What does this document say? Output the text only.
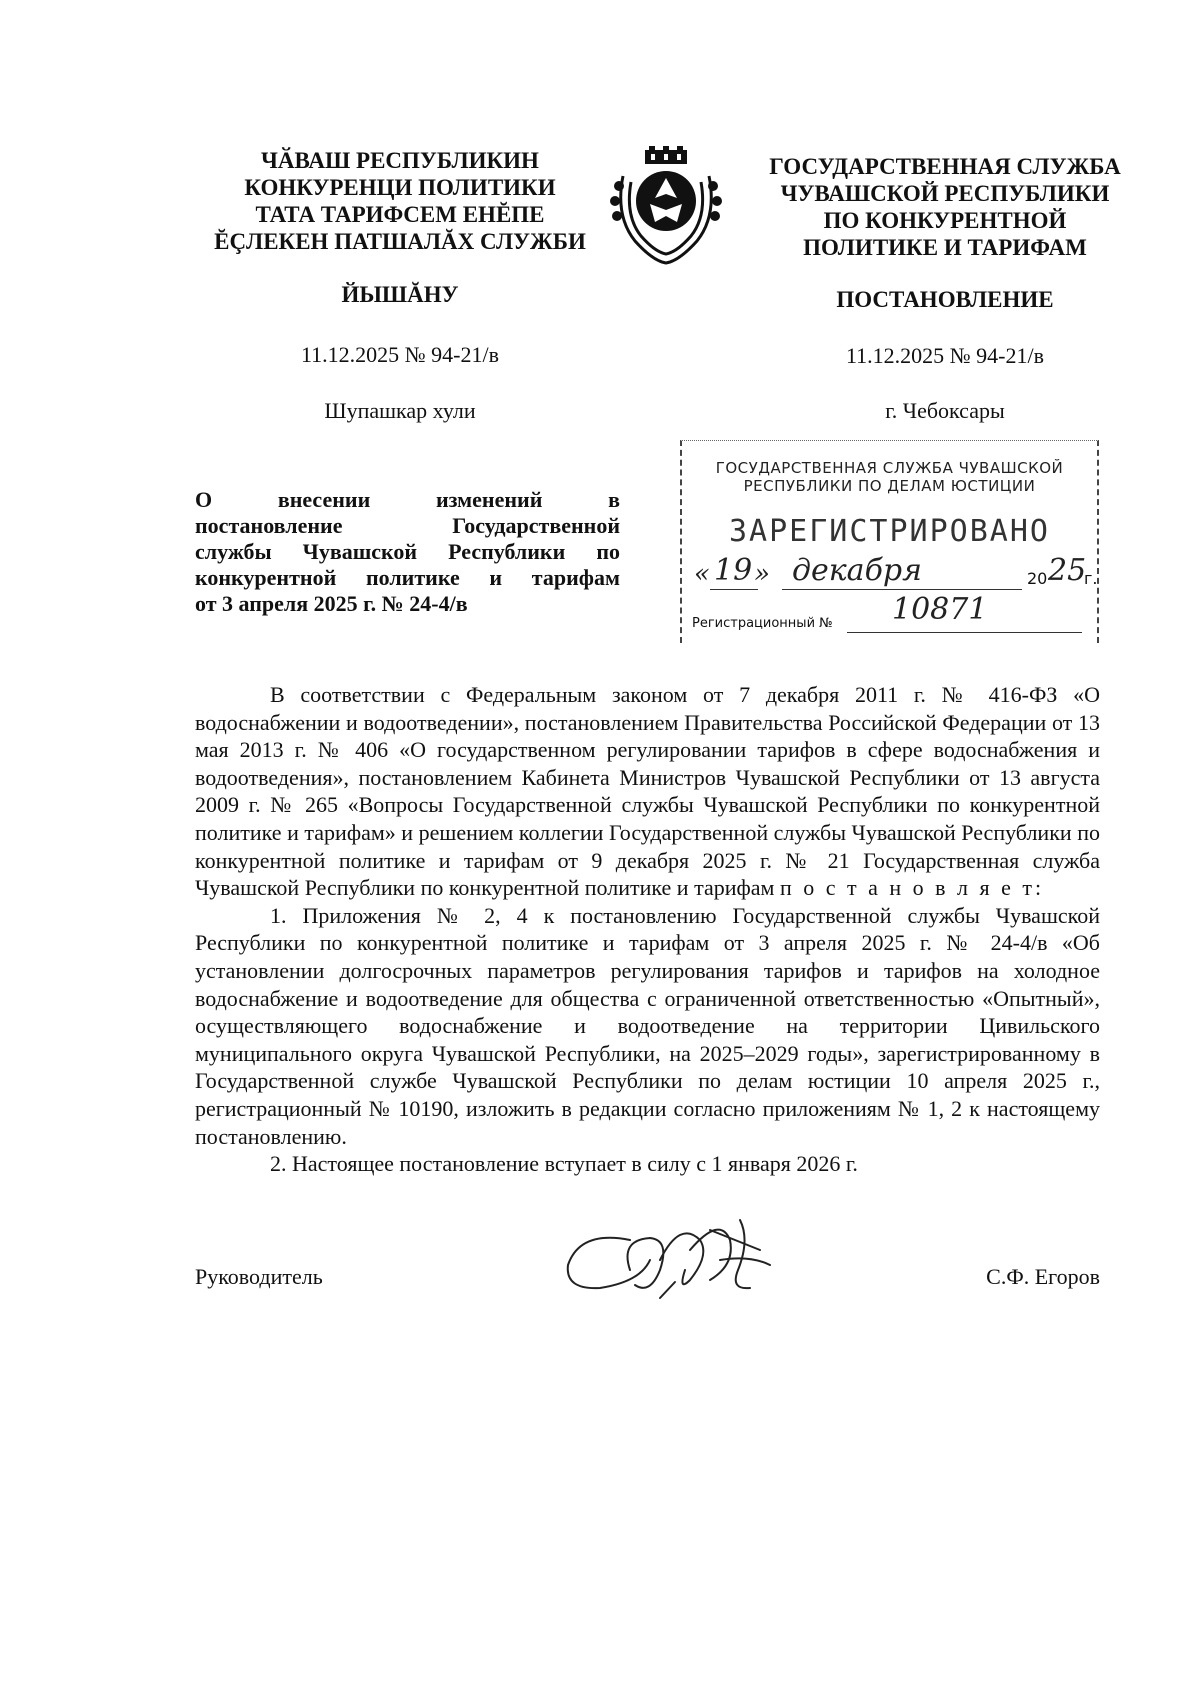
ЧӐВАШ РЕСПУБЛИКИН
КОНКУРЕНЦИ ПОЛИТИКИ
ТАТА ТАРИФСЕМ ЕНĔПЕ
ĔÇЛЕКЕН ПАТШАЛĂХ СЛУЖБИ
ГОСУДАРСТВЕННАЯ СЛУЖБА
ЧУВАШСКОЙ РЕСПУБЛИКИ
ПО КОНКУРЕНТНОЙ
ПОЛИТИКЕ И ТАРИФАМ
ЙЫШĂНУ	ПОСТАНОВЛЕНИЕ
11.12.2025 № 94-21/в	11.12.2025 № 94-21/в
Шупашкар хули	г. Чебоксары
О внесении изменений в
постановление Государственной
службы Чувашской Республики по
конкурентной политике и тарифам
от 3 апреля 2025 г. № 24-4/в
ГОСУДАРСТВЕННАЯ СЛУЖБА ЧУВАШСКОЙ
РЕСПУБЛИКИ ПО ДЕЛАМ ЮСТИЦИИ
ЗАРЕГИСТРИРОВАНО
« 19 » декабря	20 25
г.
Регистрационный № 10871

В соответствии с Федеральным законом от 7 декабря 2011 г. № 416-ФЗ «О водоснабжении и водоотведении», постановлением Правительства Российской Федерации от 13 мая 2013 г. № 406 «О государственном регулировании тарифов в сфере водоснабжения и водоотведения», постановлением Кабинета Министров Чувашской Республики от 13 августа 2009 г. № 265 «Вопросы Государственной службы Чувашской Республики по конкурентной политике и тарифам» и решением коллегии Государственной службы Чувашской Республики по конкурентной политике и тарифам от 9 декабря 2025 г. № 21 Государственная служба Чувашской Республики по конкурентной политике и тарифам п о с т а н о в л я е т:

1. Приложения № 2, 4 к постановлению Государственной службы Чувашской Республики по конкурентной политике и тарифам от 3 апреля 2025 г. № 24-4/в «Об установлении долгосрочных параметров регулирования тарифов и тарифов на холодное водоснабжение и водоотведение для общества с ограниченной ответственностью «Опытный», осуществляющего водоснабжение и водоотведение на территории Цивильского муниципального округа Чувашской Республики, на 2025–2029 годы», зарегистрированному в Государственной службе Чувашской Республики по делам юстиции 10 апреля 2025 г., регистрационный № 10190, изложить в редакции согласно приложениям № 1, 2 к настоящему постановлению.

2. Настоящее постановление вступает в силу с 1 января 2026 г.

Руководитель	С.Ф. Егоров
